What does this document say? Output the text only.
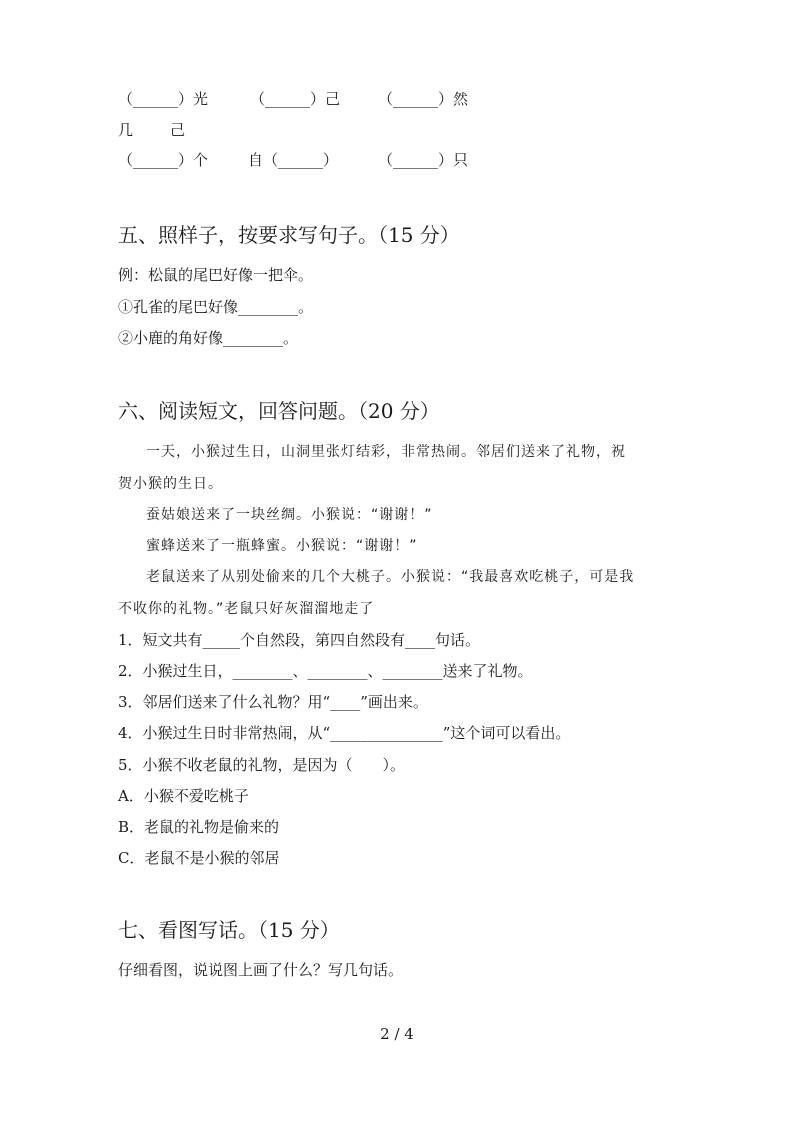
（______）光	（______）己	（______）然
几 己
（______）个	自（______）	（______）只
五、照样子，按要求写句子。（15 分）
例：松鼠的尾巴好像一把伞。
①孔雀的尾巴好像________。
②小鹿的角好像________。
六、阅读短文，回答问题。（20 分）
一天，小猴过生日，山洞里张灯结彩，非常热闹。邻居们送来了礼物，祝
贺小猴的生日。
蚕姑娘送来了一块丝绸。小猴说：“谢谢！”
蜜蜂送来了一瓶蜂蜜。小猴说：“谢谢！”
老鼠送来了从别处偷来的几个大桃子。小猴说：“我最喜欢吃桃子，可是我
不收你的礼物。”老鼠只好灰溜溜地走了
1．短文共有_____个自然段，第四自然段有____句话。
2．小猴过生日，________、________、________送来了礼物。
3．邻居们送来了什么礼物？用“____”画出来。
4．小猴过生日时非常热闹，从“_______________”这个词可以看出。
5．小猴不收老鼠的礼物，是因为（　　）。
A．小猴不爱吃桃子
B．老鼠的礼物是偷来的
C．老鼠不是小猴的邻居
七、看图写话。（15 分）
仔细看图，说说图上画了什么？写几句话。
2 / 4
